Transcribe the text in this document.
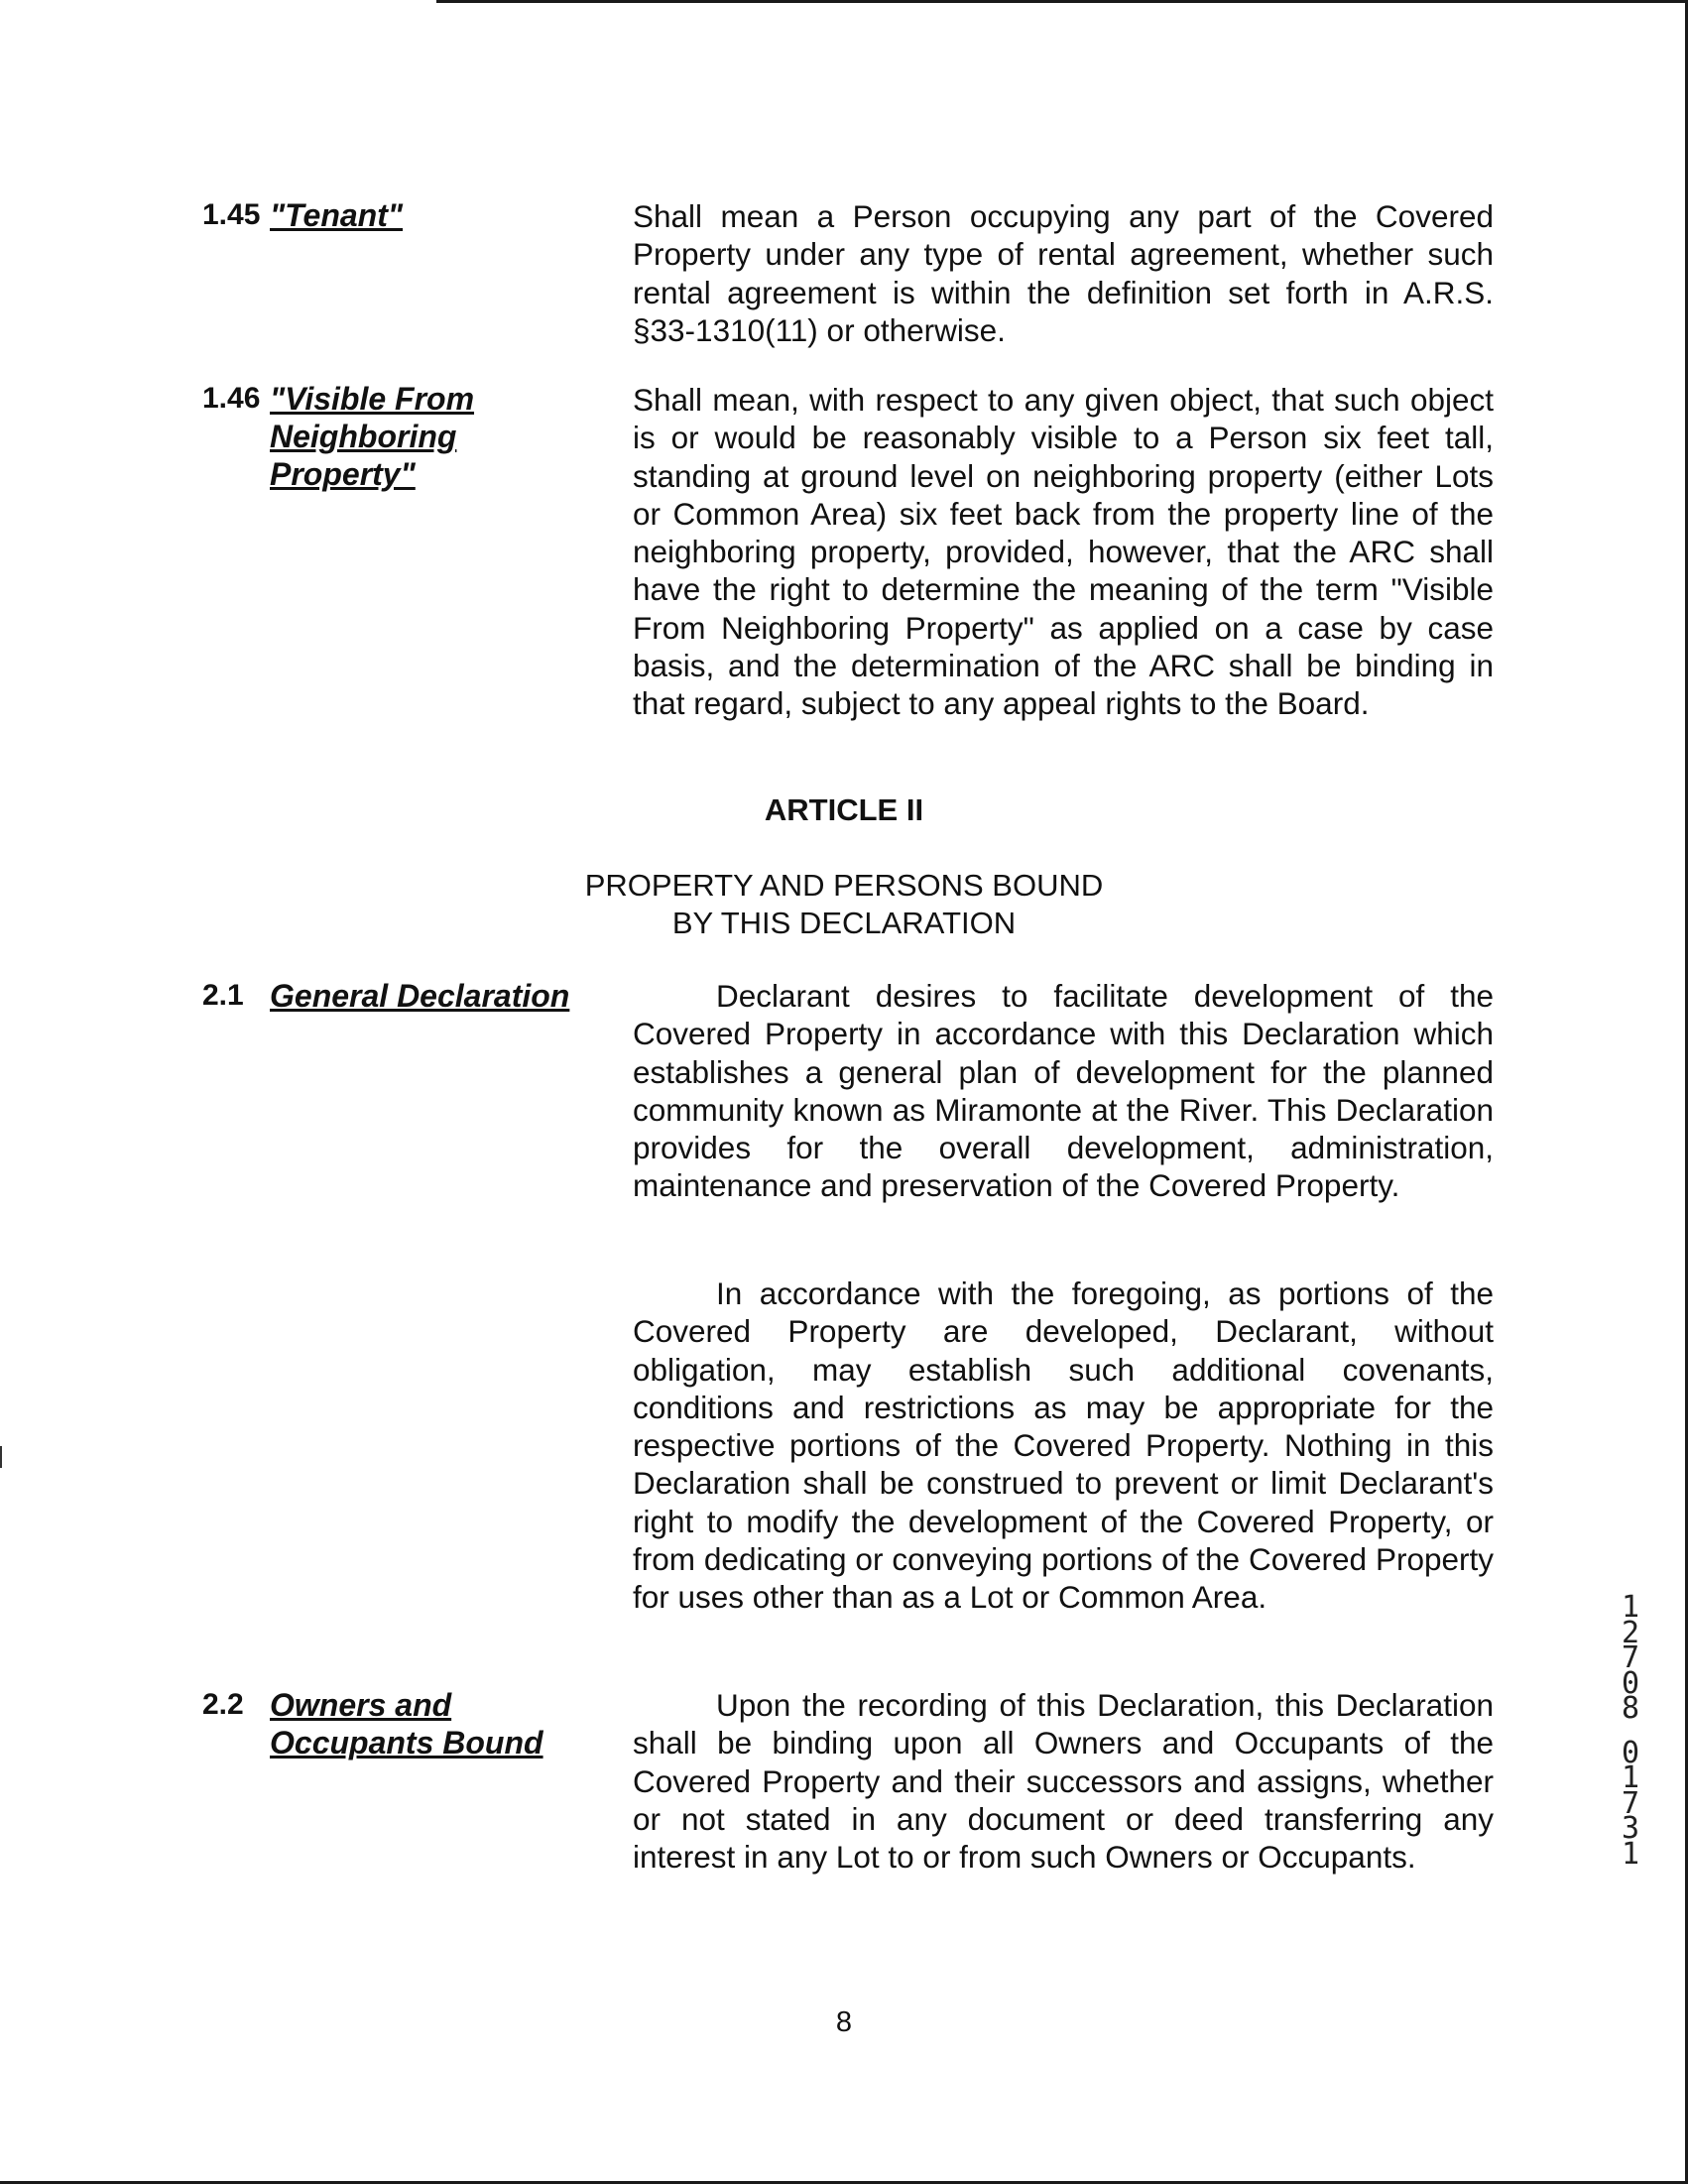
1.45 "Tenant"	Shall mean a Person occupying any part of the Covered Property under any type of rental agreement, whether such rental agreement is within the definition set forth in A.R.S. §33-1310(11) or otherwise.
1.46 "Visible From
Neighboring
Property"
Shall mean, with respect to any given object, that such object is or would be reasonably visible to a Person six feet tall, standing at ground level on neighboring property (either Lots or Common Area) six feet back from the property line of the neighboring property, provided, however, that the ARC shall have the right to determine the meaning of the term "Visible From Neighboring Property" as applied on a case by case basis, and the determination of the ARC shall be binding in that regard, subject to any appeal rights to the Board.
ARTICLE II
PROPERTY AND PERSONS BOUND
BY THIS DECLARATION
2.1 General Declaration	Declarant desires to facilitate development of the Covered Property in accordance with this Declaration which establishes a general plan of development for the planned community known as Miramonte at the River. This Declaration provides for the overall development, administration, maintenance and preservation of the Covered Property.
In accordance with the foregoing, as portions of the Covered Property are developed, Declarant, without obligation, may establish such additional covenants, conditions and restrictions as may be appropriate for the respective portions of the Covered Property. Nothing in this Declaration shall be construed to prevent or limit Declarant's right to modify the development of the Covered Property, or from dedicating or conveying portions of the Covered Property for uses other than as a Lot or Common Area.
2.2 Owners and
Occupants Bound
Upon the recording of this Declaration, this Declaration shall be binding upon all Owners and Occupants of the Covered Property and their successors and assigns, whether or not stated in any document or deed transferring any interest in any Lot to or from such Owners or Occupants.
8
1
2
7
0
8
0
1
7
3
1
